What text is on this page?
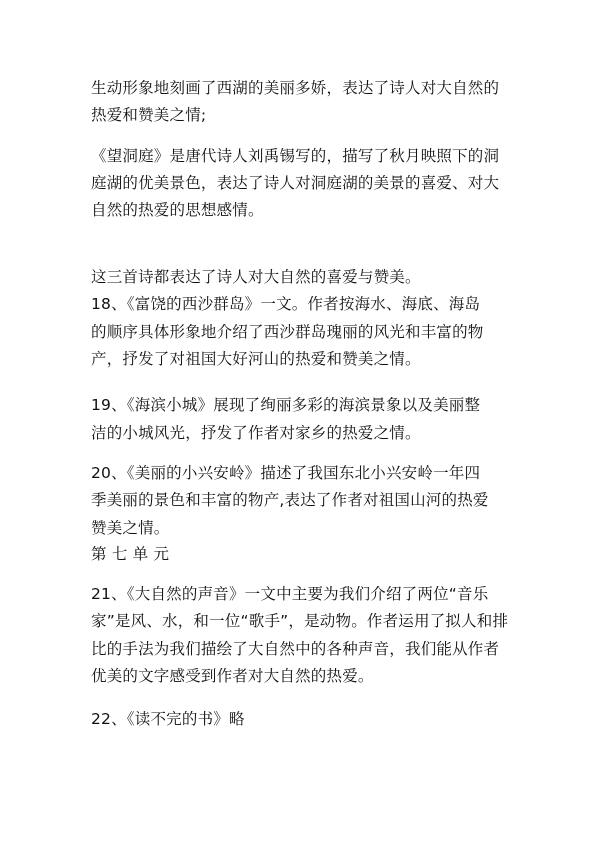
生动形象地刻画了西湖的美丽多娇，表达了诗人对大自然的
热爱和赞美之情;
《望洞庭》是唐代诗人刘禹锡写的，描写了秋月映照下的洞
庭湖的优美景色，表达了诗人对洞庭湖的美景的喜爱、对大
自然的热爱的思想感情。
这三首诗都表达了诗人对大自然的喜爱与赞美。
18、《富饶的西沙群岛》一文。作者按海水、海底、海岛
的顺序具体形象地介绍了西沙群岛瑰丽的风光和丰富的物
产，抒发了对祖国大好河山的热爱和赞美之情。
19、《海滨小城》展现了绚丽多彩的海滨景象以及美丽整
洁的小城风光，抒发了作者对家乡的热爱之情。
20、《美丽的小兴安岭》描述了我国东北小兴安岭一年四
季美丽的景色和丰富的物产,表达了作者对祖国山河的热爱
赞美之情。
第 七 单 元
21、《大自然的声音》一文中主要为我们介绍了两位“音乐
家”是风、水，和一位“歌手”，是动物。作者运用了拟人和排
比的手法为我们描绘了大自然中的各种声音，我们能从作者
优美的文字感受到作者对大自然的热爱。
22、《读不完的书》略
